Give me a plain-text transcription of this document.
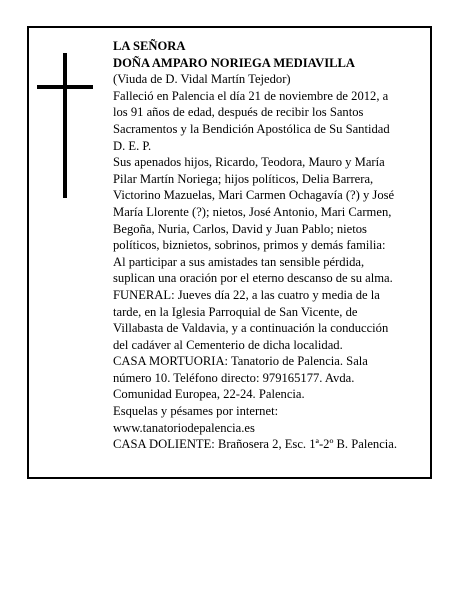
LA SEÑORA
DOÑA AMPARO NORIEGA MEDIAVILLA
(Viuda de D. Vidal Martín Tejedor)
Falleció en Palencia el día 21 de noviembre de 2012, a
los 91 años de edad, después de recibir los Santos
Sacramentos y la Bendición Apostólica de Su Santidad
D. E. P.
Sus apenados hijos, Ricardo, Teodora, Mauro y María
Pilar Martín Noriega; hijos políticos, Delia Barrera,
Victorino Mazuelas, Mari Carmen Ochagavía (?) y José
María Llorente (?); nietos, José Antonio, Mari Carmen,
Begoña, Nuria, Carlos, David y Juan Pablo; nietos
políticos, biznietos, sobrinos, primos y demás familia:
Al participar a sus amistades tan sensible pérdida,
suplican una oración por el eterno descanso de su alma.
FUNERAL: Jueves día 22, a las cuatro y media de la
tarde, en la Iglesia Parroquial de San Vicente, de
Villabasta de Valdavia, y a continuación la conducción
del cadáver al Cementerio de dicha localidad.
CASA MORTUORIA: Tanatorio de Palencia. Sala
número 10. Teléfono directo: 979165177. Avda.
Comunidad Europea, 22-24. Palencia.
Esquelas y pésames por internet:
www.tanatoriodepalencia.es
CASA DOLIENTE: Brañosera 2, Esc. 1ª-2º B. Palencia.
